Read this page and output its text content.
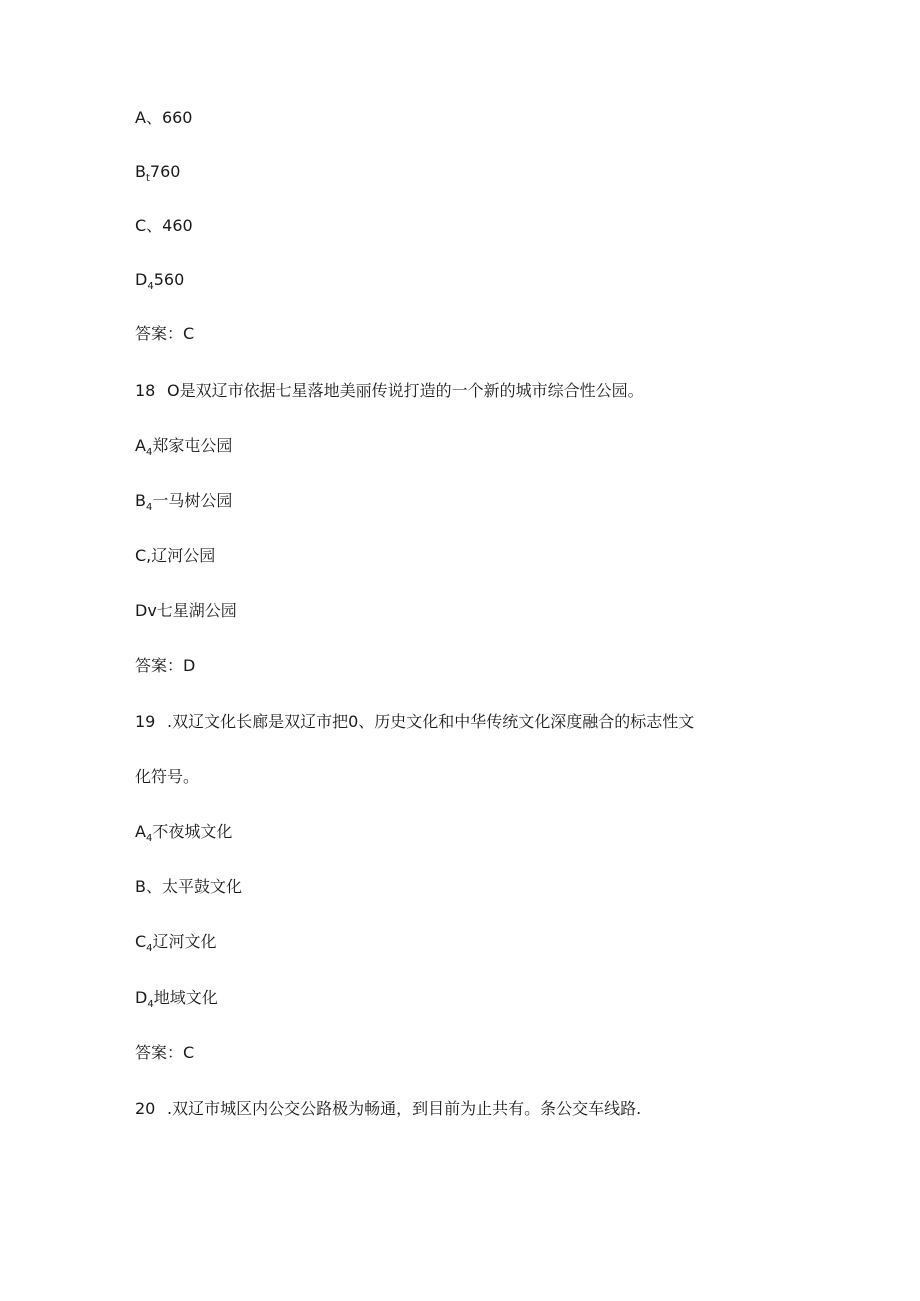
A、660
$B_t760$
C、460
$D_4560$
答案：C
18 O是双辽市依据七星落地美丽传说打造的一个新的城市综合性公园。
$A_4$郑家屯公园
$B_4$一马树公园
C,辽河公园
Dv七星湖公园
答案：D
19 .双辽文化长廊是双辽市把0、历史文化和中华传统文化深度融合的标志性文
化符号。
$A_4$不夜城文化
B、太平鼓文化
$C_4$辽河文化
$D_4$地域文化
答案：C
20 .双辽市城区内公交公路极为畅通，到目前为止共有。条公交车线路.
